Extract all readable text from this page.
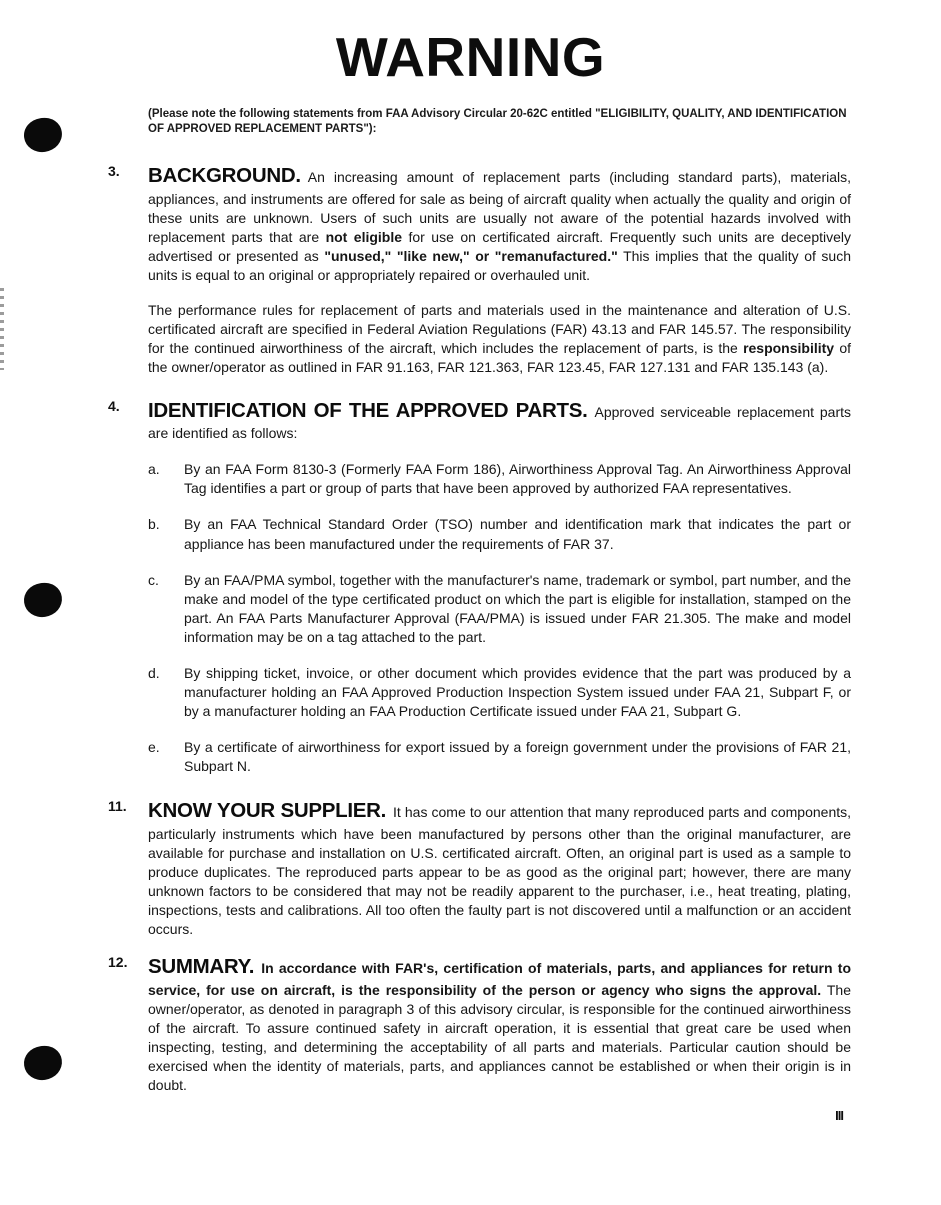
WARNING
(Please note the following statements from FAA Advisory Circular 20-62C entitled "ELIGIBILITY, QUALITY, AND IDENTIFICATION OF APPROVED REPLACEMENT PARTS"):
3. BACKGROUND. An increasing amount of replacement parts (including standard parts), materials, appliances, and instruments are offered for sale as being of aircraft quality when actually the quality and origin of these units are unknown. Users of such units are usually not aware of the potential hazards involved with replacement parts that are not eligible for use on certificated aircraft. Frequently such units are deceptively advertised or presented as "unused," "like new," or "remanufactured." This implies that the quality of such units is equal to an original or appropriately repaired or overhauled unit.

The performance rules for replacement of parts and materials used in the maintenance and alteration of U.S. certificated aircraft are specified in Federal Aviation Regulations (FAR) 43.13 and FAR 145.57. The responsibility for the continued airworthiness of the aircraft, which includes the replacement of parts, is the responsibility of the owner/operator as outlined in FAR 91.163, FAR 121.363, FAR 123.45, FAR 127.131 and FAR 135.143 (a).

4. IDENTIFICATION OF THE APPROVED PARTS. Approved serviceable replacement parts are identified as follows:

a.	By an FAA Form 8130-3 (Formerly FAA Form 186), Airworthiness Approval Tag. An Airworthiness Approval Tag identifies a part or group of parts that have been approved by authorized FAA representatives.
b.	By an FAA Technical Standard Order (TSO) number and identification mark that indicates the part or appliance has been manufactured under the requirements of FAR 37.
c.	By an FAA/PMA symbol, together with the manufacturer's name, trademark or symbol, part number, and the make and model of the type certificated product on which the part is eligible for installation, stamped on the part. An FAA Parts Manufacturer Approval (FAA/PMA) is issued under FAR 21.305. The make and model information may be on a tag attached to the part.
d.	By shipping ticket, invoice, or other document which provides evidence that the part was produced by a manufacturer holding an FAA Approved Production Inspection System issued under FAA 21, Subpart F, or by a manufacturer holding an FAA Production Certificate issued under FAA 21, Subpart G.
e.	By a certificate of airworthiness for export issued by a foreign government under the provisions of FAR 21, Subpart N.
11. KNOW YOUR SUPPLIER. It has come to our attention that many reproduced parts and components, particularly instruments which have been manufactured by persons other than the original manufacturer, are available for purchase and installation on U.S. certificated aircraft. Often, an original part is used as a sample to produce duplicates. The reproduced parts appear to be as good as the original part; however, there are many unknown factors to be considered that may not be readily apparent to the purchaser, i.e., heat treating, plating, inspections, tests and calibrations. All too often the faulty part is not discovered until a malfunction or an accident occurs.

12. SUMMARY. In accordance with FAR's, certification of materials, parts, and appliances for return to service, for use on aircraft, is the responsibility of the person or agency who signs the approval. The owner/operator, as denoted in paragraph 3 of this advisory circular, is responsible for the continued airworthiness of the aircraft. To assure continued safety in aircraft operation, it is essential that great care be used when inspecting, testing, and determining the acceptability of all parts and materials. Particular caution should be exercised when the identity of materials, parts, and appliances cannot be established or when their origin is in doubt.

III
